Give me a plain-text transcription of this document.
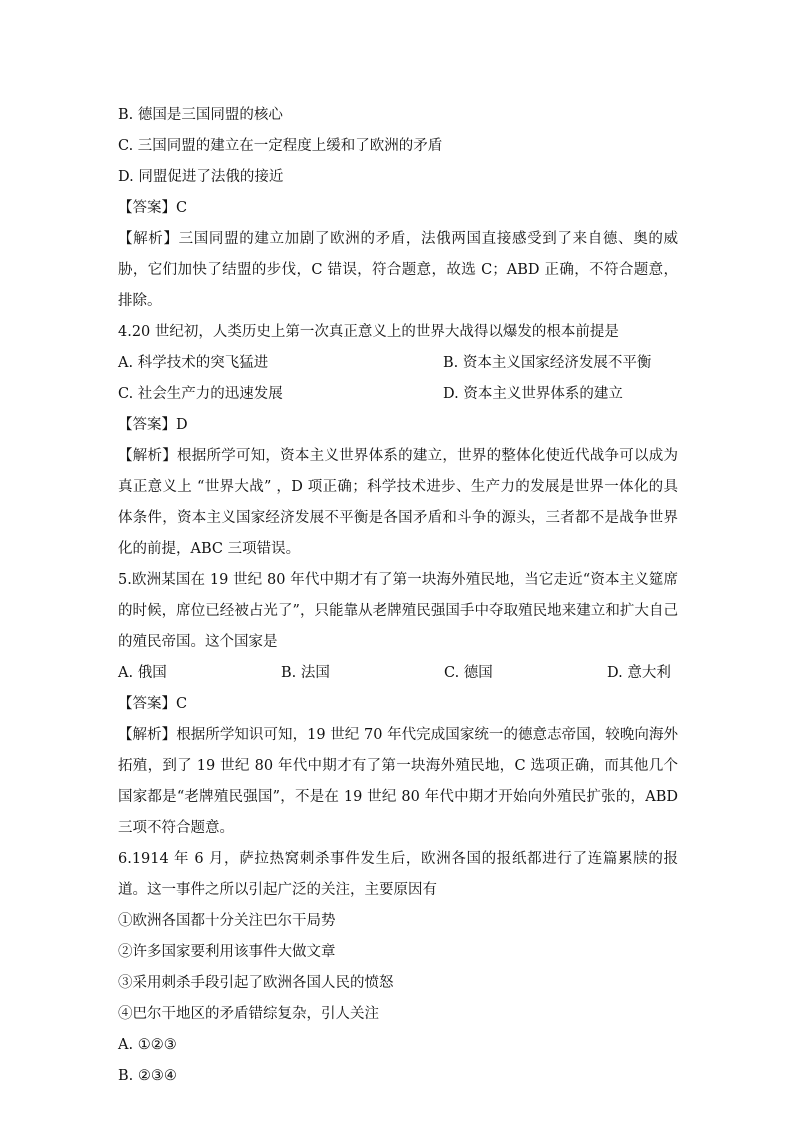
B. 德国是三国同盟的核心
C. 三国同盟的建立在一定程度上缓和了欧洲的矛盾
D. 同盟促进了法俄的接近
【答案】C
【解析】三国同盟的建立加剧了欧洲的矛盾，法俄两国直接感受到了来自德、奥的威胁，它们加快了结盟的步伐，C 错误，符合题意，故选 C；ABD 正确，不符合题意，排除。
4.20 世纪初，人类历史上第一次真正意义上的世界大战得以爆发的根本前提是
A. 科学技术的突飞猛进	B. 资本主义国家经济发展不平衡
C. 社会生产力的迅速发展	D. 资本主义世界体系的建立
【答案】D
【解析】根据所学可知，资本主义世界体系的建立，世界的整体化使近代战争可以成为真正意义上 “世界大战” ，D 项正确；科学技术进步、生产力的发展是世界一体化的具体条件，资本主义国家经济发展不平衡是各国矛盾和斗争的源头，三者都不是战争世界化的前提，ABC 三项错误。
5.欧洲某国在 19 世纪 80 年代中期才有了第一块海外殖民地，当它走近“资本主义筵席的时候，席位已经被占光了”，只能靠从老牌殖民强国手中夺取殖民地来建立和扩大自己的殖民帝国。这个国家是
A. 俄国	B. 法国	C. 德国	D. 意大利
【答案】C
【解析】根据所学知识可知，19 世纪 70 年代完成国家统一的德意志帝国，较晚向海外拓殖，到了 19 世纪 80 年代中期才有了第一块海外殖民地，C 选项正确，而其他几个国家都是“老牌殖民强国”，不是在 19 世纪 80 年代中期才开始向外殖民扩张的，ABD 三项不符合题意。
6.1914 年 6 月，萨拉热窝刺杀事件发生后，欧洲各国的报纸都进行了连篇累牍的报道。这一事件之所以引起广泛的关注，主要原因有
①欧洲各国都十分关注巴尔干局势
②许多国家要利用该事件大做文章
③采用刺杀手段引起了欧洲各国人民的愤怒
④巴尔干地区的矛盾错综复杂，引人关注
A. ①②③
B. ②③④
